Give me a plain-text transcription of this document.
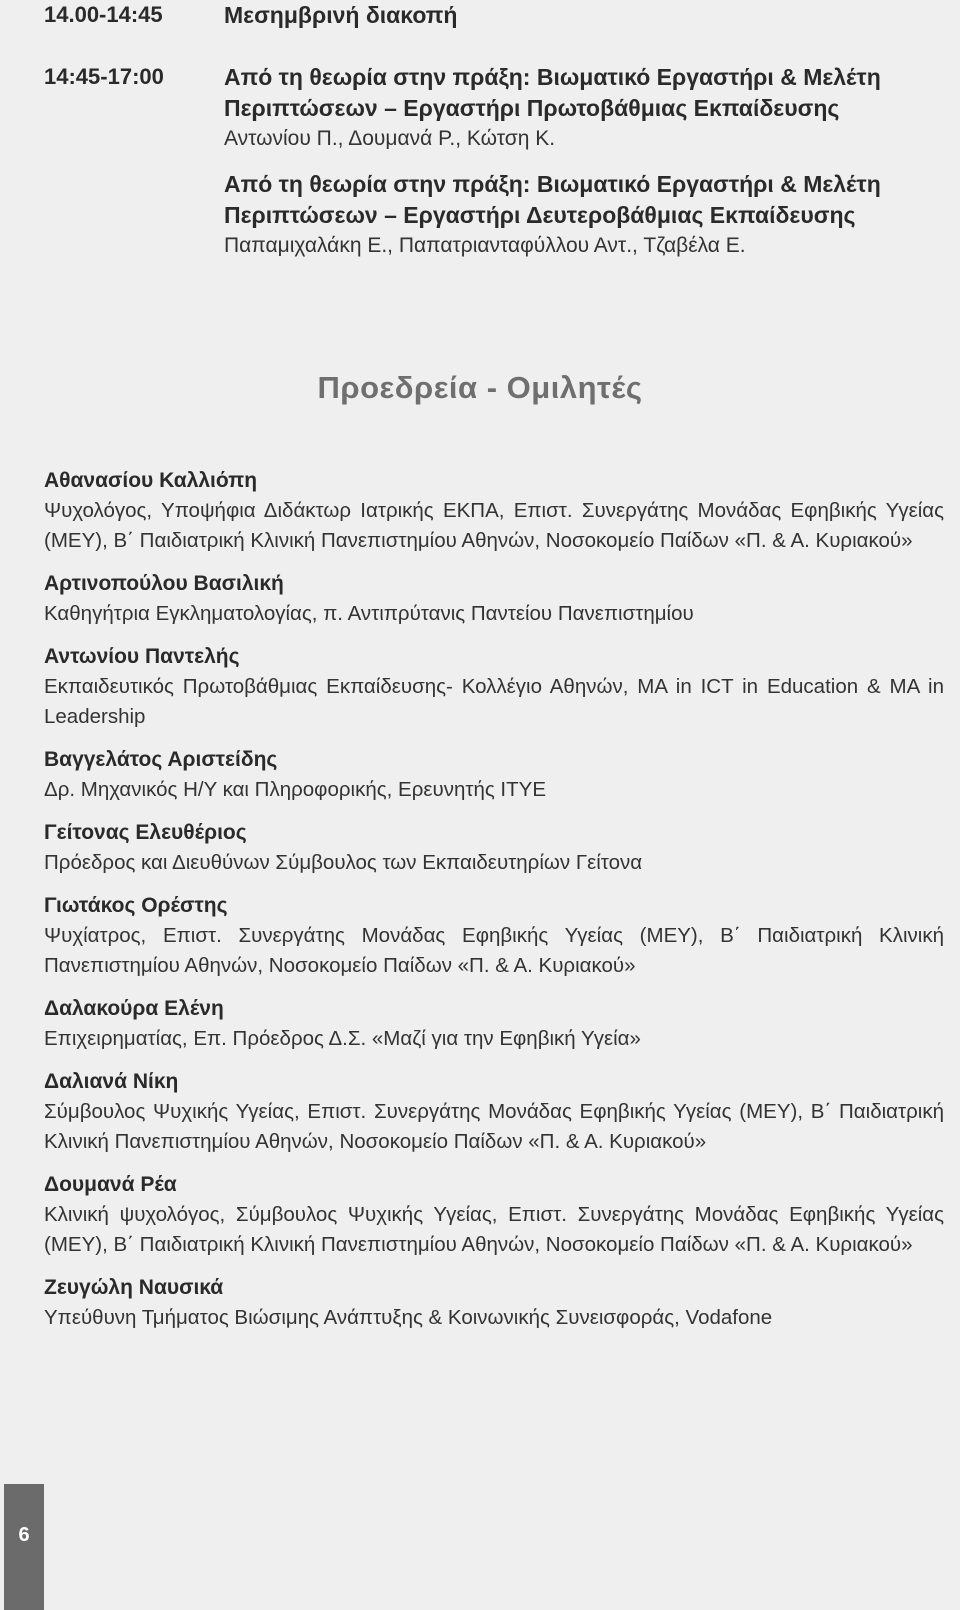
14.00-14:45	Μεσημβρινή διακοπή
14:45-17:00	Από τη θεωρία στην πράξη: Βιωματικό Εργαστήρι & Μελέτη Περιπτώσεων – Εργαστήρι Πρωτοβάθμιας Εκπαίδευσης
Αντωνίου Π., Δουμανά Ρ., Κώτση Κ.
Από τη θεωρία στην πράξη: Βιωματικό Εργαστήρι & Μελέτη Περιπτώσεων – Εργαστήρι Δευτεροβάθμιας Εκπαίδευσης
Παπαμιχαλάκη Ε., Παπατριανταφύλλου Αντ., Τζαβέλα Ε.
Προεδρεία - Ομιλητές
Αθανασίου Καλλιόπη
Ψυχολόγος, Υποψήφια Διδάκτωρ Ιατρικής ΕΚΠΑ, Επιστ. Συνεργάτης Μονάδας Εφηβικής Υγείας (ΜΕΥ), Β΄ Παιδιατρική Κλινική Πανεπιστημίου Αθηνών, Νοσοκομείο Παίδων «Π. & Α. Κυριακού»
Αρτινοπούλου Βασιλική
Καθηγήτρια Εγκληματολογίας, π. Αντιπρύτανις Παντείου Πανεπιστημίου
Αντωνίου Παντελής
Εκπαιδευτικός Πρωτοβάθμιας Εκπαίδευσης- Κολλέγιο Αθηνών, MA in ICT in Education & MA in Leadership
Βαγγελάτος Αριστείδης
Δρ. Μηχανικός Η/Υ και Πληροφορικής, Ερευνητής ΙΤΥΕ
Γείτονας Ελευθέριος
Πρόεδρος και Διευθύνων Σύμβουλος των Εκπαιδευτηρίων Γείτονα
Γιωτάκος Ορέστης
Ψυχίατρος, Επιστ. Συνεργάτης Μονάδας Εφηβικής Υγείας (ΜΕΥ), Β΄ Παιδιατρική Κλινική Πανεπιστημίου Αθηνών, Νοσοκομείο Παίδων «Π. & Α. Κυριακού»
Δαλακούρα Ελένη
Επιχειρηματίας, Επ. Πρόεδρος Δ.Σ. «Μαζί για την Εφηβική Υγεία»
Δαλιανά Νίκη
Σύμβουλος Ψυχικής Υγείας, Επιστ. Συνεργάτης Μονάδας Εφηβικής Υγείας (ΜΕΥ), Β΄ Παιδιατρική Κλινική Πανεπιστημίου Αθηνών, Νοσοκομείο Παίδων «Π. & Α. Κυριακού»
Δουμανά Ρέα
Κλινική ψυχολόγος, Σύμβουλος Ψυχικής Υγείας, Επιστ. Συνεργάτης Μονάδας Εφηβικής Υγείας (ΜΕΥ), Β΄ Παιδιατρική Κλινική Πανεπιστημίου Αθηνών, Νοσοκομείο Παίδων «Π. & Α. Κυριακού»
Ζευγώλη Ναυσικά
Υπεύθυνη Τμήματος Βιώσιμης Ανάπτυξης & Κοινωνικής Συνεισφοράς, Vodafone
6
